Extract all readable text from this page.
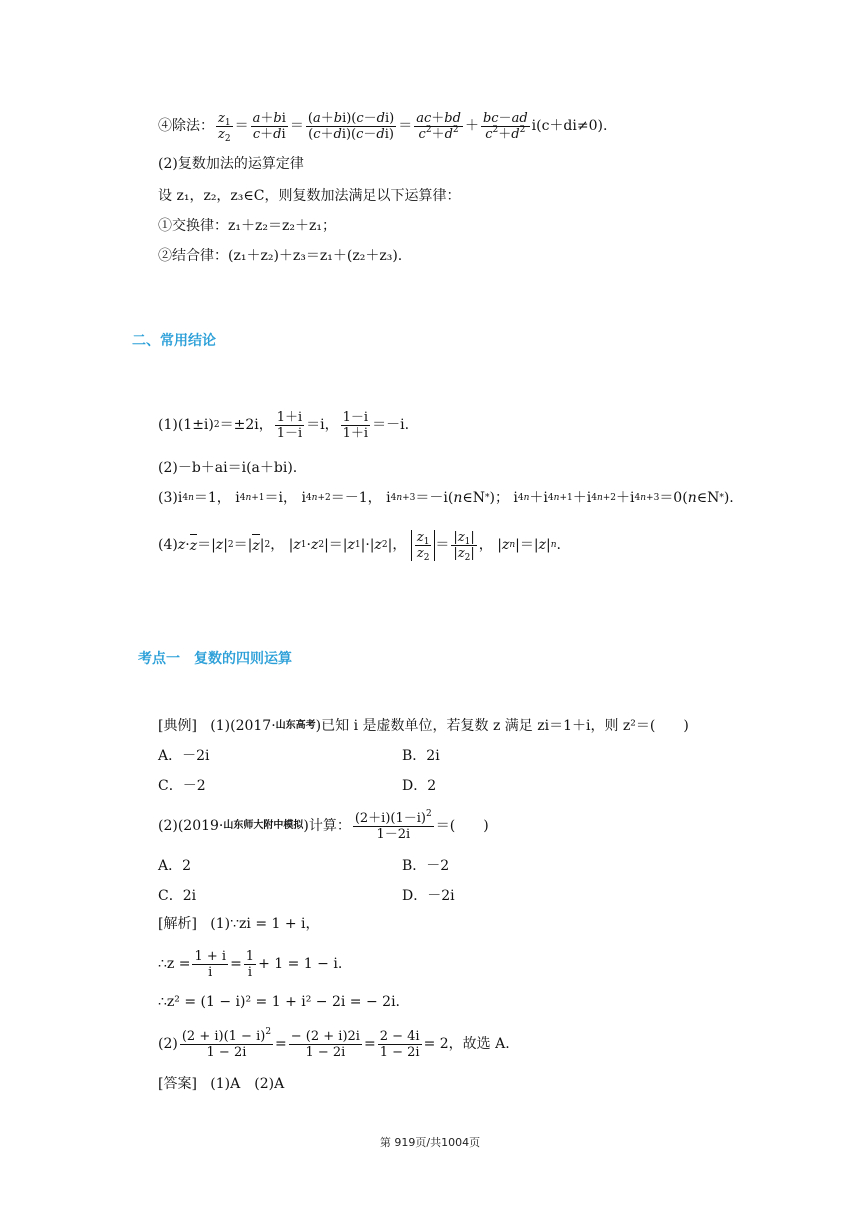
④除法： $\frac{z_1}{z_2} = \frac{a+bi}{c+di} = \frac{(a+bi)(c-di)}{(c+di)(c-di)} = \frac{ac+bd}{c^2+d^2} + \frac{bc-ad}{c^2+d^2} i(c+di\ne 0)$.
(2)复数加法的运算定律
设 z₁，z₂，z₃∈C，则复数加法满足以下运算律：
①交换律：z₁＋z₂＝z₂＋z₁；
②结合律：(z₁＋z₂)＋z₃＝z₁＋(z₂＋z₃).
二、常用结论
(1)(1±i) 2 ＝±2i， $\frac{1+i}{1-i} =i$， $\frac{1-i}{1+i} =-i$.
(2)－b＋ai＝i(a＋bi).
(3) i 4n ＝1， i 4n+1 ＝i， i 4n+2 ＝－1， i 4n+3 ＝－i( n ∈N * )； i 4n ＋i 4n+1 ＋i 4n+2 ＋i 4n+3 ＝0( n ∈N * ).
(4) z · z ＝| z | 2 ＝| z | 2 ， | z 1 · z 2 |＝| z 1 |·| z 2 |， $\frac{z_1}{z_2} = \frac{|z_1|}{|z_2|}$ ， | z n |＝| z | n .
考点一　复数的四则运算
[典例]
(1)(2017· 山东高考 )已知 i 是虚数单位，若复数 z 满足 zi＝1＋i，则 z²＝(　　)
A．－2i	B．2i
C．－2	D．2
(2)(2019· 山东师大附中模拟 )计算： $\frac{(2+i)(1-i)^2}{1-2i}$ ＝(　　)
A．2	B．－2
C．2i	D．－2i
[解析]
(1)∵zi = 1 + i，
∴z = $\frac{1 + i}{i} = \frac{1}{i} + 1 = 1 - i$.
∴z² = (1 − i)² = 1 + i² − 2i = − 2i.
$(2) \frac{(2 + i)(1 - i)^2}{1 - 2i} = \frac{- (2 + i)2i}{1 - 2i} = \frac{2 - 4i}{1 - 2i} = 2$，故选 A.
[答案]
(1)A　(2)A
第 919页/共1004页
